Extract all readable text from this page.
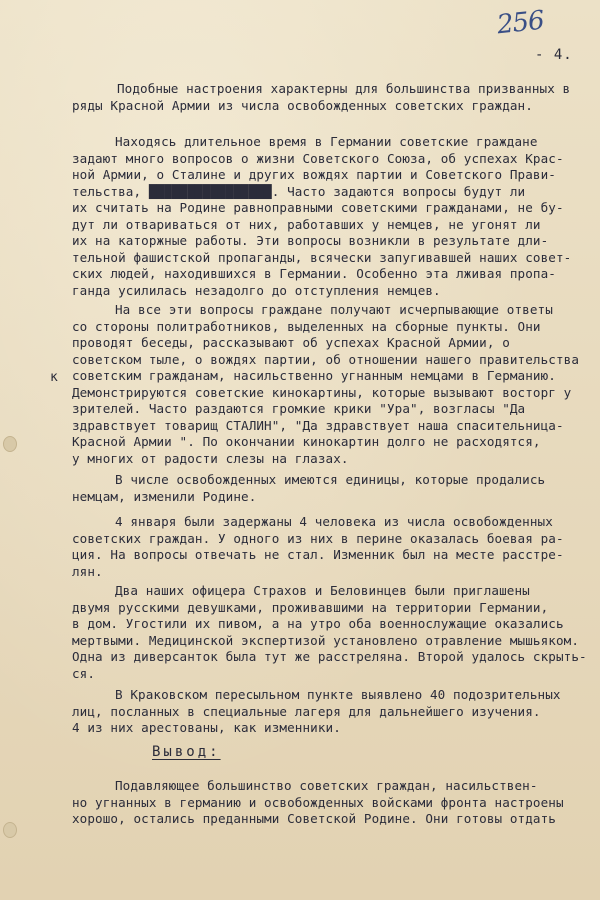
256
- 4.
к
Подобные настроения характерны для большинства призванных в
ряды Красной Армии из числа освобожденных советских граждан.
Находясь длительное время в Германии советские граждане
задают много вопросов о жизни Советского Союза, об успехах Крас-
ной Армии, о Сталине и других вождях партии и Советского Прави-
тельства, ████████████████. Часто задаются вопросы будут ли
их считать на Родине равноправными советскими гражданами, не бу-
дут ли отвариваться от них, работавших у немцев, не угонят ли
их на каторжные работы. Эти вопросы возникли в результате дли-
тельной фашистской пропаганды, всячески запугивавшей наших совет-
ских людей, находившихся в Германии. Особенно эта лживая пропа-
ганда усилилась незадолго до отступления немцев.
На все эти вопросы граждане получают исчерпывающие ответы
со стороны политработников, выделенных на сборные пункты. Они
проводят беседы, рассказывают об успехах Красной Армии, о
советском тыле, о вождях партии, об отношении нашего правительства
советским гражданам, насильственно угнанным немцами в Германию.
Демонстрируются советские кинокартины, которые вызывают восторг у
зрителей. Часто раздаются громкие крики "Ура", возгласы "Да
здравствует товарищ СТАЛИН", "Да здравствует наша спасительница-
Красной Армии ". По окончании кинокартин долго не расходятся,
у многих от радости слезы на глазах.
В числе освобожденных имеются единицы, которые продались
немцам, изменили Родине.
4 января были задержаны 4 человека из числа освобожденных
советских граждан. У одного из них в перине оказалась боевая ра-
ция. На вопросы отвечать не стал. Изменник был на месте расстре-
лян.
Два наших офицера Страхов и Беловинцев были приглашены
двумя русскими девушками, проживавшими на территории Германии,
в дом. Угостили их пивом, а на утро оба военнослужащие оказались
мертвыми. Медицинской экспертизой установлено отравление мышьяком.
Одна из диверсанток была тут же расстреляна. Второй удалось скрыть-
ся.
В Краковском пересыльном пункте выявлено 40 подозрительных
лиц, посланных в специальные лагеря для дальнейшего изучения.
4 из них арестованы, как изменники.
Вывод:
Подавляющее большинство советских граждан, насильствен-
но угнанных в германию и освобожденных войсками фронта настроены
хорошо, остались преданными Советской Родине. Они готовы отдать
